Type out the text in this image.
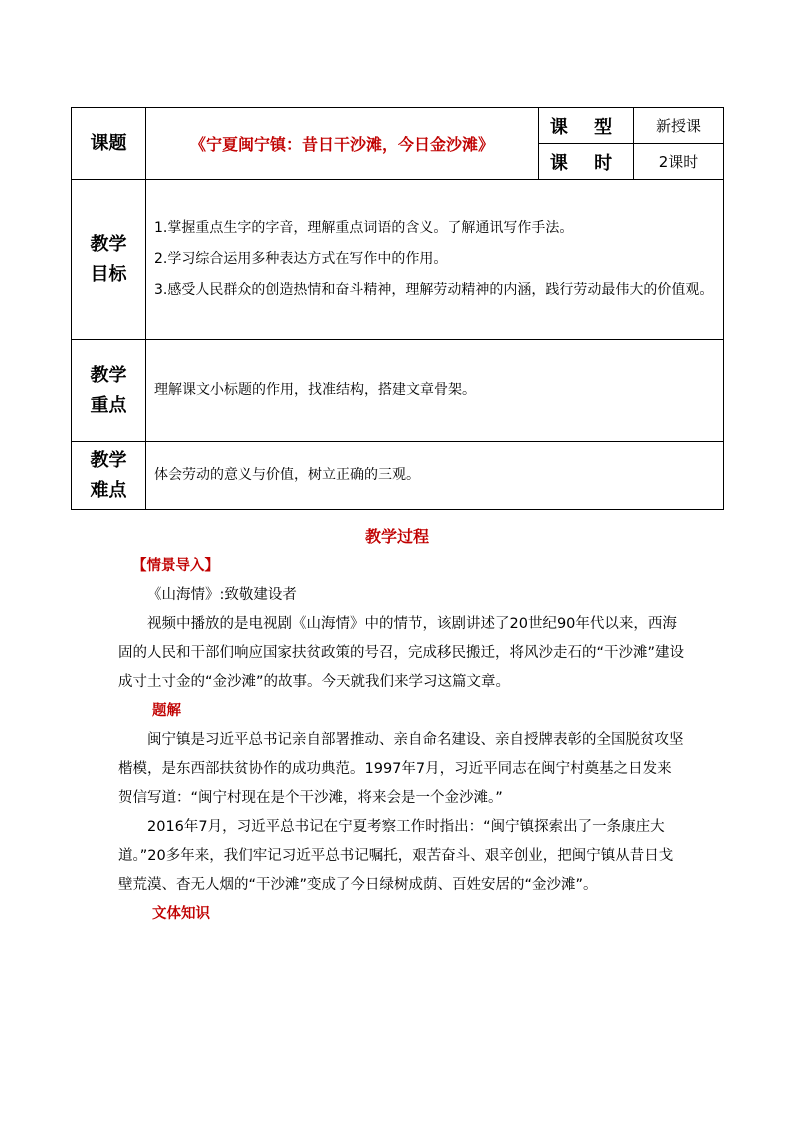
课题	《宁夏闽宁镇：昔日干沙滩，今日金沙滩》	课 型	新授课
		课 时	2课时

教学目标	1.掌握重点生字的字音，理解重点词语的含义。了解通讯写作手法。

2.学习综合运用多种表达方式在写作中的作用。

3.感受人民群众的创造热情和奋斗精神，理解劳动精神的内涵，践行劳动最伟大的价值观。		

教学重点	理解课文小标题的作用，找准结构，搭建文章骨架。		

教学难点	体会劳动的意义与价值，树立正确的三观。		
教学过程

【情景导入】

《山海情》:致敬建设者

视频中播放的是电视剧《山海情》中的情节，该剧讲述了20世纪90年代以来，西海固的人民和干部们响应国家扶贫政策的号召，完成移民搬迁，将风沙走石的“干沙滩”建设成寸土寸金的“金沙滩”的故事。今天就我们来学习这篇文章。

题解

闽宁镇是习近平总书记亲自部署推动、亲自命名建设、亲自授牌表彰的全国脱贫攻坚楷模，是东西部扶贫协作的成功典范。1997年7月，习近平同志在闽宁村奠基之日发来贺信写道：“闽宁村现在是个干沙滩，将来会是一个金沙滩。”

2016年7月，习近平总书记在宁夏考察工作时指出：“闽宁镇探索出了一条康庄大道。”20多年来，我们牢记习近平总书记嘱托，艰苦奋斗、艰辛创业，把闽宁镇从昔日戈壁荒漠、杳无人烟的“干沙滩”变成了今日绿树成荫、百姓安居的“金沙滩”。

文体知识
